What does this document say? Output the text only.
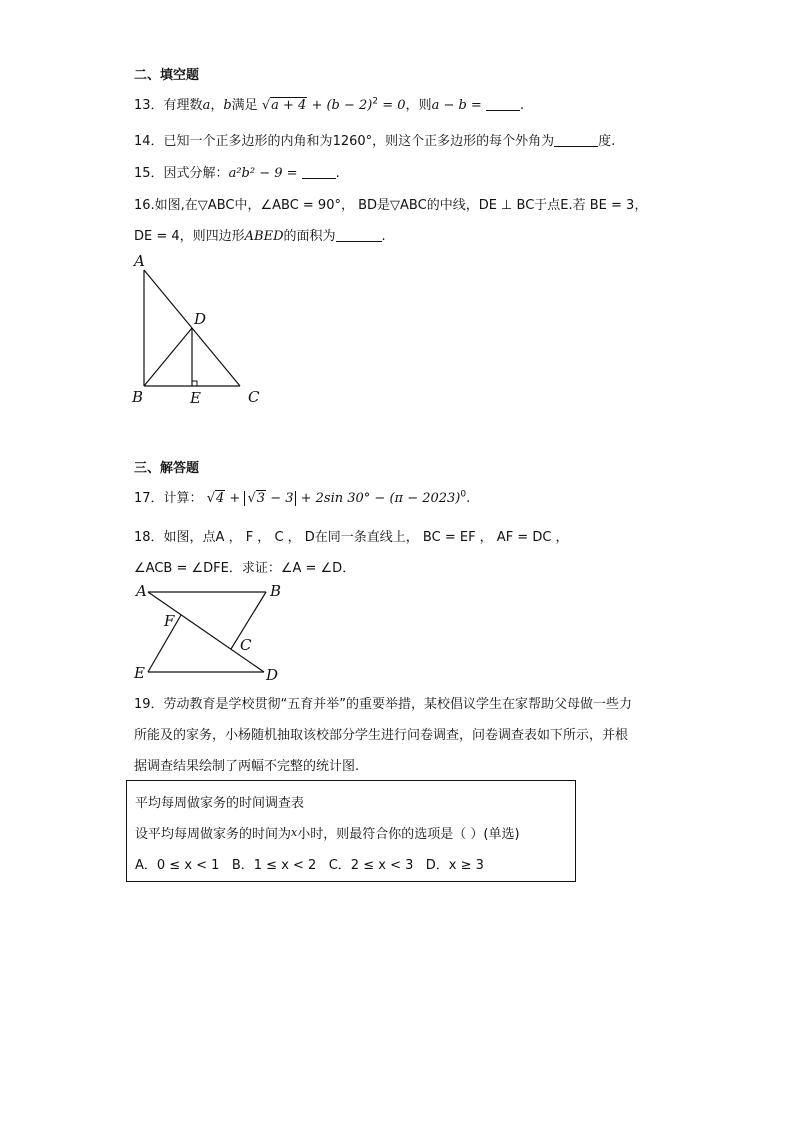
二、填空题
13．有理数a，b满足 $√a + 4 + (b - 2)^2 = 0$，则a − b =	.
14．已知一个正多边形的内角和为1260°，则这个正多边形的每个外角为	度.
15．因式分解：a²b² − 9 =	.
16.如图,在▽ABC中，∠ABC = 90°， BD是▽ABC的中线，DE ⊥ BC于点E.若 BE = 3，
DE = 4，则四边形ABED的面积为	.
A
D
B	E	C
三、解答题
17．计算： √4 + √3 − 3 + 2sin $30^\circ - (\pi - 2023)^0$.
18．如图，点A ， F ， C ， D在同一条直线上， BC = EF ， AF = DC ，
∠ACB = ∠DFE．求证：∠A = ∠D．
A	B
F
C
E	D
19．劳动教育是学校贯彻“五育并举”的重要举措，某校倡议学生在家帮助父母做一些力
所能及的家务，小杨随机抽取该校部分学生进行问卷调查，问卷调查表如下所示，并根
据调查结果绘制了两幅不完整的统计图.
平均每周做家务的时间调查表
设平均每周做家务的时间为x小时，则最符合你的选项是（ ）(单选)
A．0 ≤ x < 1 B．1 ≤ x < 2 C．2 ≤ x < 3 D．x ≥ 3
